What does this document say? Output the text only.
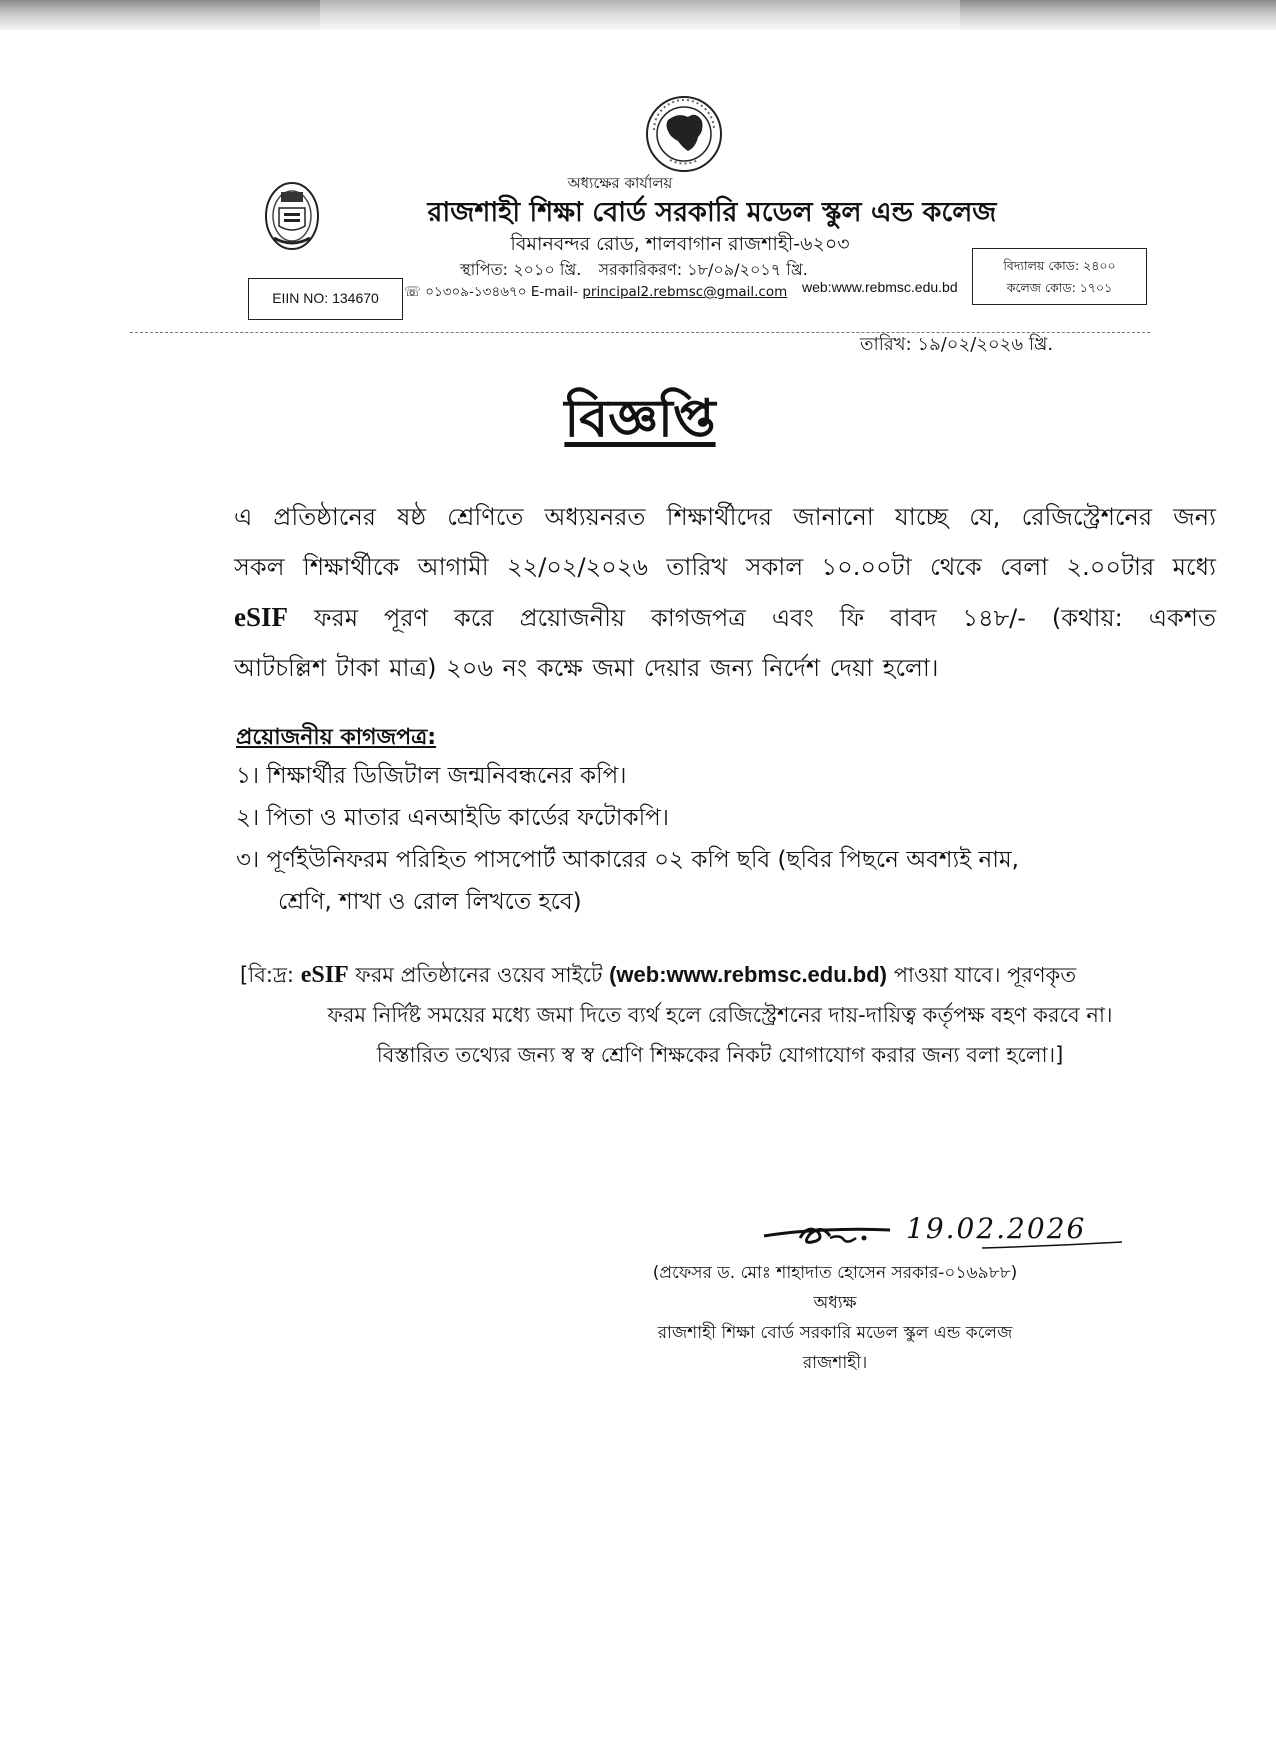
অধ্যক্ষের কার্যালয়
রাজশাহী শিক্ষা বোর্ড সরকারি মডেল স্কুল এন্ড কলেজ
বিমানবন্দর রোড, শালবাগান রাজশাহী-৬২০৩
স্থাপিত: ২০১০ খ্রি. সরকারিকরণ: ১৮/০৯/২০১৭ খ্রি.
EIIN NO: 134670	☏ ০১৩০৯-১৩৪৬৭০ E-mail- principal2.rebmsc@gmail.com web:www.rebmsc.edu.bd
বিদ্যালয় কোড: ২৪০০
কলেজ কোড: ১৭০১
তারিখ: ১৯/০২/২০২৬ খ্রি.
বিজ্ঞপ্তি
এ প্রতিষ্ঠানের ষষ্ঠ শ্রেণিতে অধ্যয়নরত শিক্ষার্থীদের জানানো যাচ্ছে যে, রেজিস্ট্রেশনের জন্য
সকল শিক্ষার্থীকে আগামী ২২/০২/২০২৬ তারিখ সকাল ১০.০০টা থেকে বেলা ২.০০টার মধ্যে
eSIF ফরম পূরণ করে প্রয়োজনীয় কাগজপত্র এবং ফি বাবদ ১৪৮/- (কথায়: একশত
আটচল্লিশ টাকা মাত্র) ২০৬ নং কক্ষে জমা দেয়ার জন্য নির্দেশ দেয়া হলো।
প্রয়োজনীয় কাগজপত্র:
১। শিক্ষার্থীর ডিজিটাল জন্মনিবন্ধনের কপি।
২। পিতা ও মাতার এনআইডি কার্ডের ফটোকপি।
৩। পূর্ণইউনিফরম পরিহিত পাসপোর্ট আকারের ০২ কপি ছবি (ছবির পিছনে অবশ্যই নাম,
শ্রেণি, শাখা ও রোল লিখতে হবে)
[বি:দ্র: eSIF ফরম প্রতিষ্ঠানের ওয়েব সাইটে (web:www.rebmsc.edu.bd) পাওয়া যাবে। পূরণকৃত
ফরম নির্দিষ্ট সময়ের মধ্যে জমা দিতে ব্যর্থ হলে রেজিস্ট্রেশনের দায়-দায়িত্ব কর্তৃপক্ষ বহণ করবে না।
বিস্তারিত তথ্যের জন্য স্ব স্ব শ্রেণি শিক্ষকের নিকট যোগাযোগ করার জন্য বলা হলো।]
19.02.2026
(প্রফেসর ড. মোঃ শাহাদাত হোসেন সরকার-০১৬৯৮৮)
অধ্যক্ষ
রাজশাহী শিক্ষা বোর্ড সরকারি মডেল স্কুল এন্ড কলেজ
রাজশাহী।
